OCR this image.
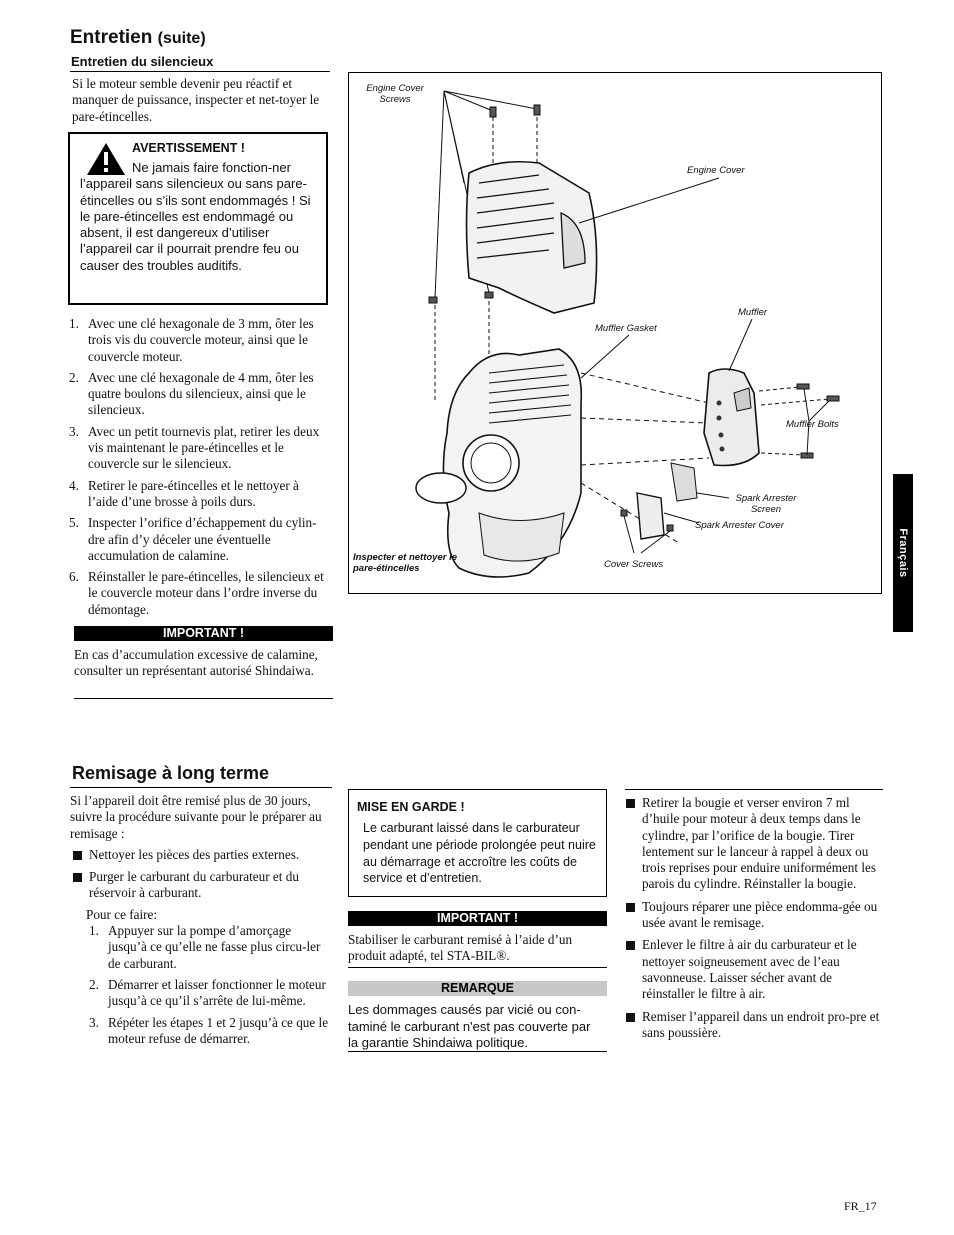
Entretien (suite)
Entretien du silencieux
Si le moteur semble devenir peu réactif et manquer de puissance, inspecter et net-toyer le pare-étincelles.
AVERTISSEMENT !
Ne jamais faire fonction-ner l’appareil sans silencieux ou sans pare-étincelles ou s’ils sont endommagés ! Si le pare-étincelles est endommagé ou absent, il est dangereux d’utiliser l’appareil car il pourrait prendre feu ou causer des troubles auditifs.
1. Avec une clé hexagonale de 3 mm, ôter les trois vis du couvercle moteur, ainsi que le couvercle moteur.
2. Avec une clé hexagonale de 4 mm, ôter les quatre boulons du silencieux, ainsi que le silencieux.
3. Avec un petit tournevis plat, retirer les deux vis maintenant le pare-étincelles et le couvercle sur le silencieux.
4. Retirer le pare-étincelles et le nettoyer à l’aide d’une brosse à poils durs.
5. Inspecter l’orifice d’échappement du cylin-dre afin d’y déceler une éventuelle accumulation de calamine.
6. Réinstaller le pare-étincelles, le silencieux et le couvercle moteur dans l’ordre inverse du démontage.
IMPORTANT !
En cas d’accumulation excessive de calamine, consulter un représentant autorisé Shindaiwa.
Engine Cover Screws
Engine Cover
Muffler
Muffler Gasket
Muffler Bolts
Spark Arrester Screen
Spark Arrester Cover
Cover Screws
Inspecter et nettoyer le pare-étincelles	Français
Remisage à long terme
Si l’appareil doit être remisé plus de 30 jours, suivre la procédure suivante pour le préparer au remisage :
Nettoyer les pièces des parties externes.
Purger le carburant du carburateur et du réservoir à carburant.
Pour ce faire:
1. Appuyer sur la pompe d’amorçage jusqu’à ce qu’elle ne fasse plus circu-ler de carburant.
2. Démarrer et laisser fonctionner le moteur jusqu’à ce qu’il s’arrête de lui-même.
3. Répéter les étapes 1 et 2 jusqu’à ce que le moteur refuse de démarrer.
MISE EN GARDE !
Le carburant laissé dans le carburateur pendant une période prolongée peut nuire au démarrage et accroître les coûts de service et d’entretien.
IMPORTANT !
Stabiliser le carburant remisé à l’aide d’un produit adapté, tel STA-BIL®.
REMARQUE
Les dommages causés par vicié ou con-taminé le carburant n'est pas couverte par la garantie Shindaiwa politique.
Retirer la bougie et verser environ 7 ml d’huile pour moteur à deux temps dans le cylindre, par l’orifice de la bougie. Tirer lentement sur le lanceur à rappel à deux ou trois reprises pour enduire uniformément les parois du cylindre. Réinstaller la bougie.
Toujours réparer une pièce endomma-gée ou usée avant le remisage.
Enlever le filtre à air du carburateur et le nettoyer soigneusement avec de l’eau savonneuse. Laisser sécher avant de réinstaller le filtre à air.
Remiser l’appareil dans un endroit pro-pre et sans poussière.
FR_17
